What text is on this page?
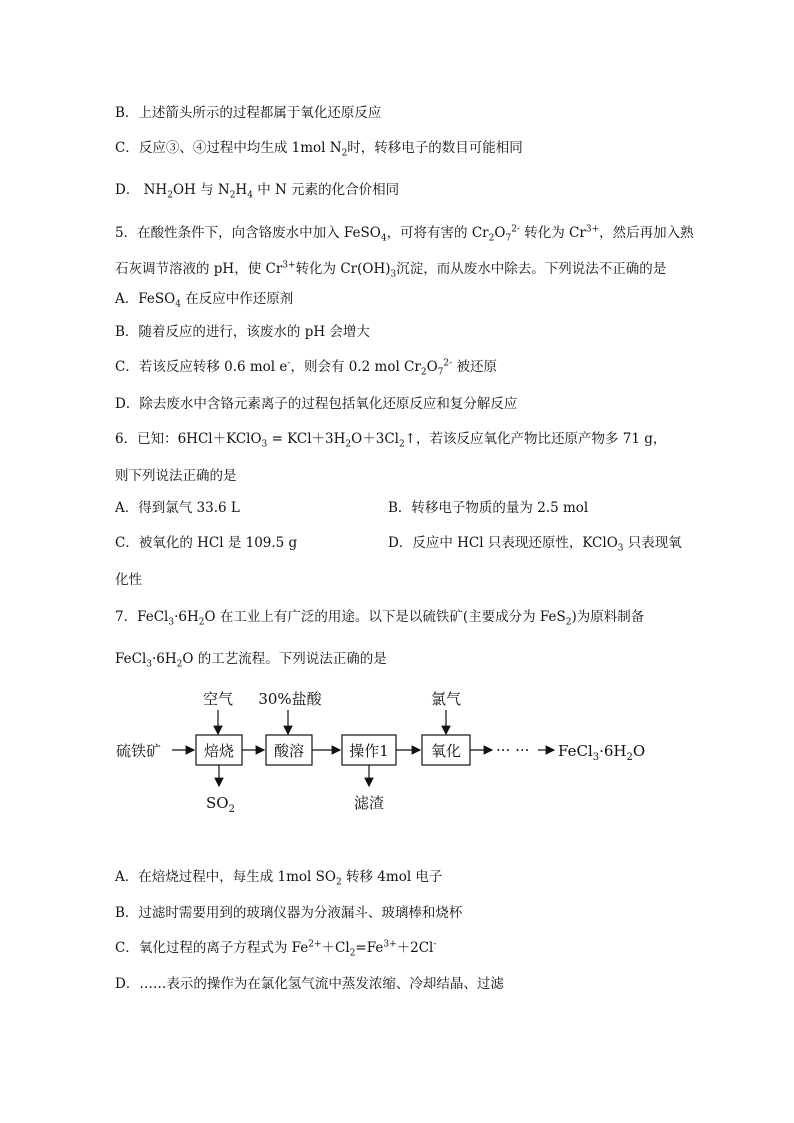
B．上述箭头所示的过程都属于氧化还原反应
C．反应③、④过程中均生成 1mol $N_2$时，转移电子的数目可能相同
D． $NH_2OH$ 与 $N_2H_4$ 中 N 元素的化合价相同
5．在酸性条件下，向含铬废水中加入 FeSO$_4$，可将有害的 $Cr_2O_7^{2-}$ 转化为 $Cr^{3+}$，然后再加入熟
石灰调节溶液的 pH，使 $Cr^{3+}$转化为 $Cr(OH)_3$沉淀，而从废水中除去。下列说法不正确的是
A．FeSO$_4$ 在反应中作还原剂
B．随着反应的进行，该废水的 pH 会增大
C．若该反应转移 0.6 mol e-，则会有 0.2 mol $Cr_2O_7^{2-}$ 被还原
D．除去废水中含铬元素离子的过程包括氧化还原反应和复分解反应
6．已知：6HCl＋KClO$_3$ = $KCl+3H_2O+3Cl_2↑$，若该反应氧化产物比还原产物多 71 g，
则下列说法正确的是
A．得到氯气 33.6 L	B．转移电子物质的量为 2.5 mol
C．被氧化的 HCl 是 109.5 g	D．反应中 HCl 只表现还原性，KClO$_3$ 只表现氧
化性
7．$FeCl_3\cdot 6H_2O$ 在工业上有广泛的用途。以下是以硫铁矿(主要成分为 FeS$_2$)为原料制备
$FeCl_3\cdot 6H_2O$ 的工艺流程。下列说法正确的是
空气 30%盐酸	氯气
硫铁矿	焙烧	酸溶	操作1	氧化 ··· ··· $FeCl_3\cdot 6H_2O$
$SO_2$	滤渣
A．在焙烧过程中，每生成 1mol $SO_2$ 转移 4mol 电子
B．过滤时需要用到的玻璃仪器为分液漏斗、玻璃棒和烧杯
C．氧化过程的离子方程式为 $Fe^{2+}+Cl_2=Fe^{3+}+2Cl^-$
D．……表示的操作为在氯化氢气流中蒸发浓缩、冷却结晶、过滤
